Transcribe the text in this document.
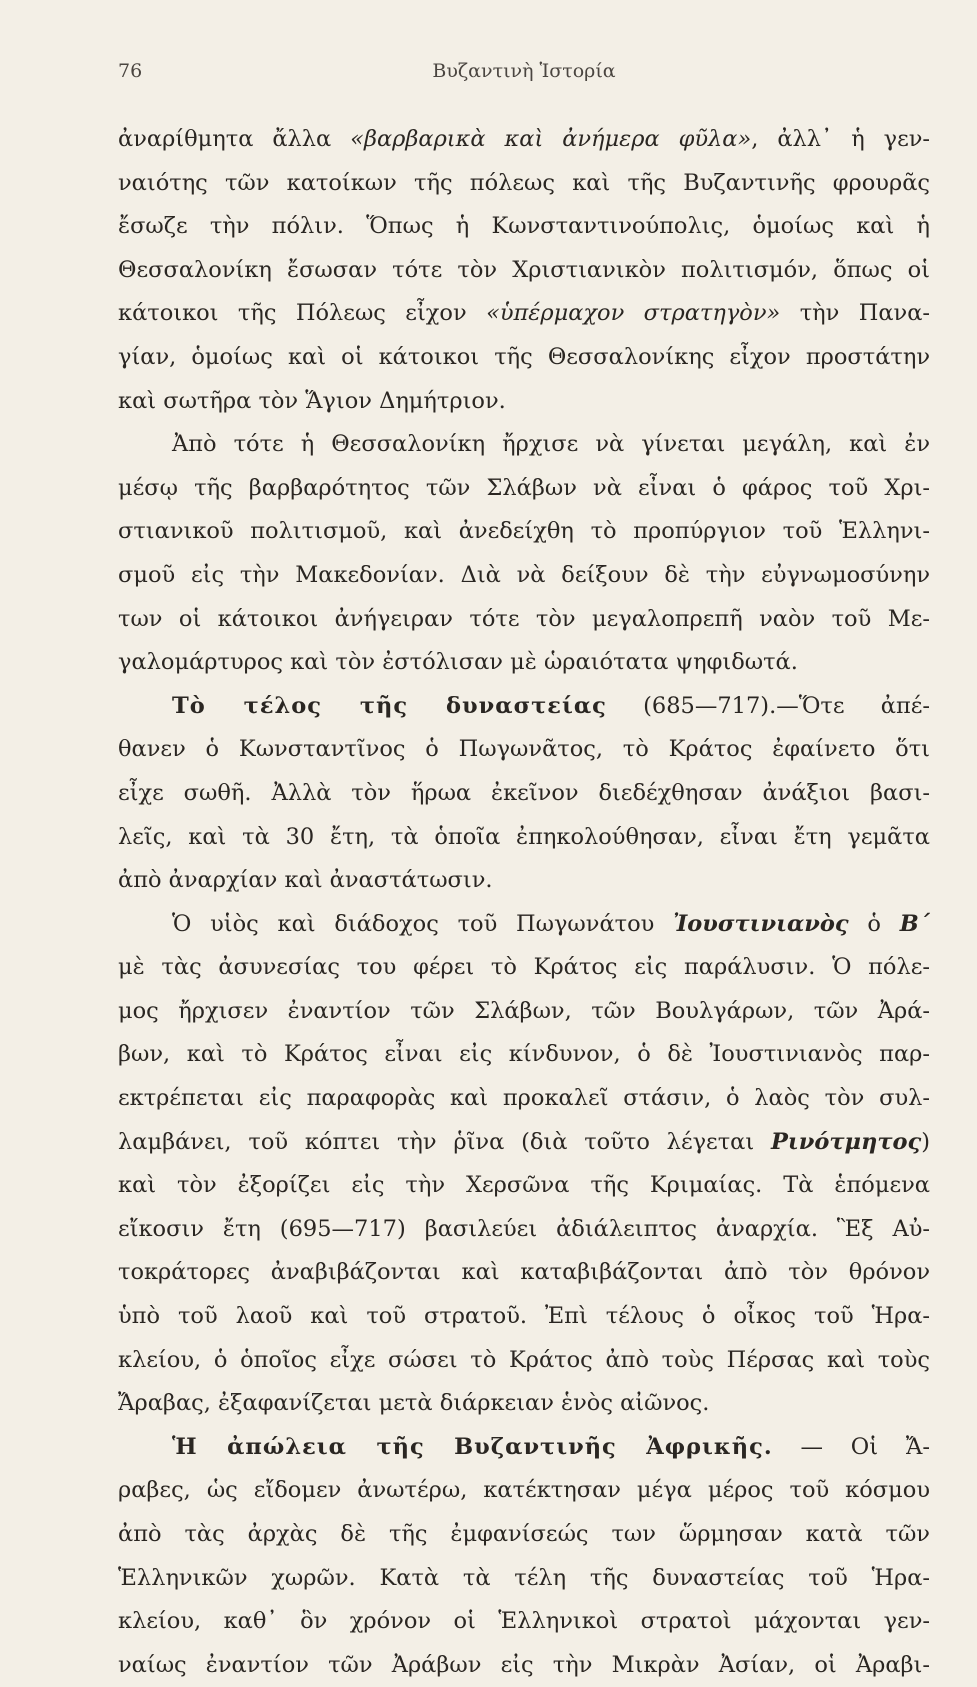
76	Βυζαντινὴ Ἱστορία
ἀναρίθμητα ἄλλα «βαρβαρικὰ καὶ ἀνήμερα φῦλα», ἀλλ᾽ ἡ γεν-
ναιότης τῶν κατοίκων τῆς πόλεως καὶ τῆς Βυζαντινῆς φρουρᾶς
ἔσωζε τὴν πόλιν. Ὅπως ἡ Κωνσταντινούπολις, ὁμοίως καὶ ἡ
Θεσσαλονίκη ἔσωσαν τότε τὸν Χριστιανικὸν πολιτισμόν, ὅπως οἱ
κάτοικοι τῆς Πόλεως εἶχον «ὑπέρμαχον στρατηγὸν» τὴν Πανα-
γίαν, ὁμοίως καὶ οἱ κάτοικοι τῆς Θεσσαλονίκης εἶχον προστάτην
καὶ σωτῆρα τὸν Ἅγιον Δημήτριον.
Ἀπὸ τότε ἡ Θεσσαλονίκη ἤρχισε νὰ γίνεται μεγάλη, καὶ ἐν
μέσῳ τῆς βαρβαρότητος τῶν Σλάβων νὰ εἶναι ὁ φάρος τοῦ Χρι-
στιανικοῦ πολιτισμοῦ, καὶ ἀνεδείχθη τὸ προπύργιον τοῦ Ἑλληνι-
σμοῦ εἰς τὴν Μακεδονίαν. Διὰ νὰ δείξουν δὲ τὴν εὐγνωμοσύνην
των οἱ κάτοικοι ἀνήγειραν τότε τὸν μεγαλοπρεπῆ ναὸν τοῦ Με-
γαλομάρτυρος καὶ τὸν ἐστόλισαν μὲ ὡραιότατα ψηφιδωτά.
Τὸ τέλος τῆς δυναστείας (685—717).—Ὅτε ἀπέ-
θανεν ὁ Κωνσταντῖνος ὁ Πωγωνᾶτος, τὸ Κράτος ἐφαίνετο ὅτι
εἶχε σωθῆ. Ἀλλὰ τὸν ἥρωα ἐκεῖνον διεδέχθησαν ἀνάξιοι βασι-
λεῖς, καὶ τὰ 30 ἔτη, τὰ ὁποῖα ἐπηκολούθησαν, εἶναι ἔτη γεμᾶτα
ἀπὸ ἀναρχίαν καὶ ἀναστάτωσιν.
Ὁ υἱὸς καὶ διάδοχος τοῦ Πωγωνάτου Ἰουστινιανὸς ὁ Β´
μὲ τὰς ἀσυνεσίας του φέρει τὸ Κράτος εἰς παράλυσιν. Ὁ πόλε-
μος ἤρχισεν ἐναντίον τῶν Σλάβων, τῶν Βουλγάρων, τῶν Ἀρά-
βων, καὶ τὸ Κράτος εἶναι εἰς κίνδυνον, ὁ δὲ Ἰουστινιανὸς παρ-
εκτρέπεται εἰς παραφορὰς καὶ προκαλεῖ στάσιν, ὁ λαὸς τὸν συλ-
λαμβάνει, τοῦ κόπτει τὴν ῥῖνα (διὰ τοῦτο λέγεται Ρινότμητος)
καὶ τὸν ἐξορίζει εἰς τὴν Χερσῶνα τῆς Κριμαίας. Τὰ ἑπόμενα
εἴκοσιν ἔτη (695—717) βασιλεύει ἀδιάλειπτος ἀναρχία. Ἓξ Αὐ-
τοκράτορες ἀναβιβάζονται καὶ καταβιβάζονται ἀπὸ τὸν θρόνον
ὑπὸ τοῦ λαοῦ καὶ τοῦ στρατοῦ. Ἐπὶ τέλους ὁ οἶκος τοῦ Ἡρα-
κλείου, ὁ ὁποῖος εἶχε σώσει τὸ Κράτος ἀπὸ τοὺς Πέρσας καὶ τοὺς
Ἄραβας, ἐξαφανίζεται μετὰ διάρκειαν ἑνὸς αἰῶνος.
Ἡ ἀπώλεια τῆς Βυζαντινῆς Ἀφρικῆς. — Οἱ Ἄ-
ραβες, ὡς εἴδομεν ἀνωτέρω, κατέκτησαν μέγα μέρος τοῦ κόσμου
ἀπὸ τὰς ἀρχὰς δὲ τῆς ἐμφανίσεώς των ὥρμησαν κατὰ τῶν
Ἑλληνικῶν χωρῶν. Κατὰ τὰ τέλη τῆς δυναστείας τοῦ Ἡρα-
κλείου, καθ᾽ ὃν χρόνον οἱ Ἑλληνικοὶ στρατοὶ μάχονται γεν-
ναίως ἐναντίον τῶν Ἀράβων εἰς τὴν Μικρὰν Ἀσίαν, οἱ Ἀραβι-
